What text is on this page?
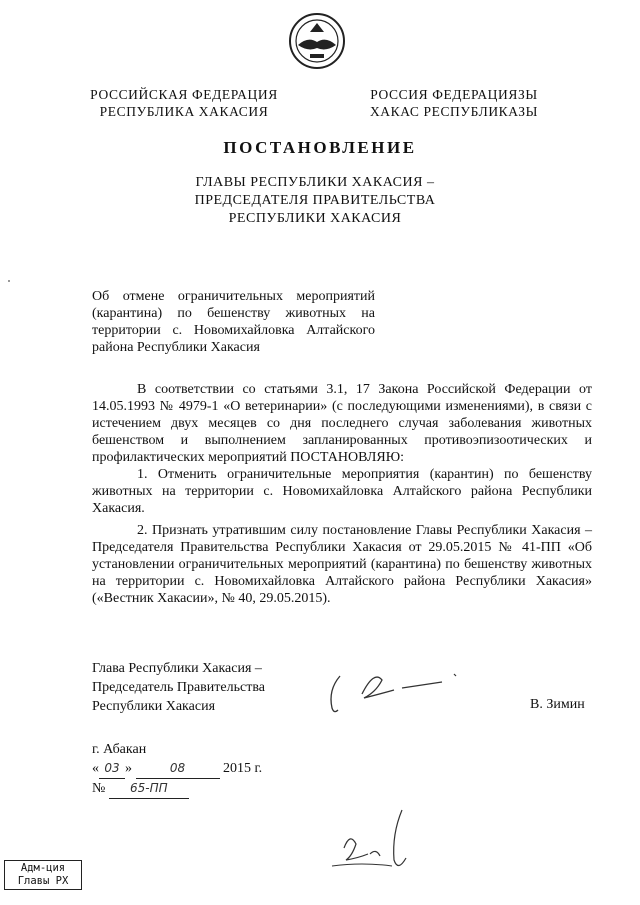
РОССИЙСКАЯ ФЕДЕРАЦИЯ
РЕСПУБЛИКА ХАКАСИЯ
РОССИЯ ФЕДЕРАЦИЯЗЫ
ХАКАС РЕСПУБЛИКАЗЫ
ПОСТАНОВЛЕНИЕ
ГЛАВЫ РЕСПУБЛИКИ ХАКАСИЯ –
ПРЕДСЕДАТЕЛЯ ПРАВИТЕЛЬСТВА
РЕСПУБЛИКИ ХАКАСИЯ
Об отмене ограничительных мероприятий
(карантина) по бешенству животных на
территории с. Новомихайловка Алтайского
района Республики Хакасия

В соответствии со статьями 3.1, 17 Закона Российской Федерации от 14.05.1993 № 4979-1 «О ветеринарии» (с последующими изменениями), в связи с истечением двух месяцев со дня последнего случая заболевания животных бешенством и выполнением запланированных противоэпизоотических и профилактических мероприятий ПОСТАНОВЛЯЮ:

1. Отменить ограничительные мероприятия (карантин) по бешенству животных на территории с. Новомихайловка Алтайского района Республики Хакасия.

2. Признать утратившим силу постановление Главы Республики Хакасия – Председателя Правительства Республики Хакасия от 29.05.2015 № 41-ПП «Об установлении ограничительных мероприятий (карантина) по бешенству животных на территории с. Новомихайловка Алтайского района Республики Хакасия» («Вестник Хакасии», № 40, 29.05.2015).

Глава Республики Хакасия –
Председатель Правительства
Республики Хакасия	В. Зимин
г. Абакан
« 03 »	08	2015 г.
№ 65-ПП
Адм-ция
Главы РХ
